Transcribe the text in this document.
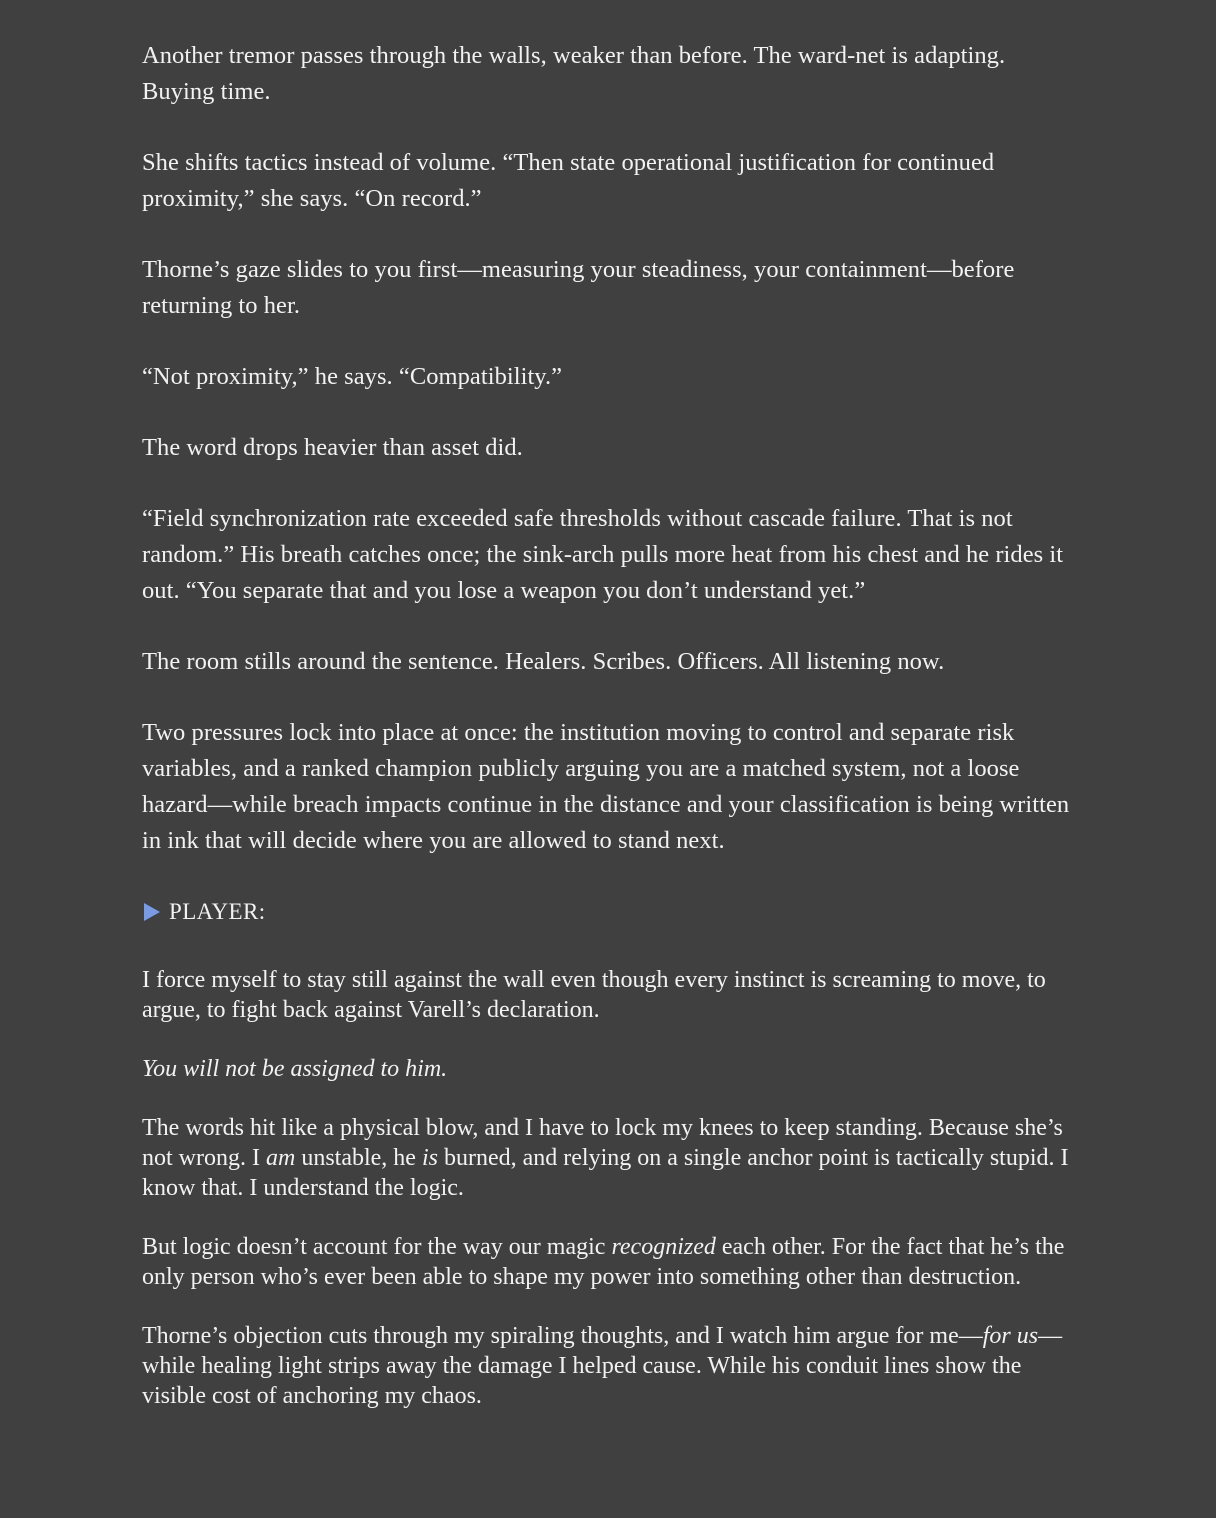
Another tremor passes through the walls, weaker than before. The ward-net is adapting. Buying time.

She shifts tactics instead of volume. “Then state operational justification for continued proximity,” she says. “On record.”

Thorne’s gaze slides to you first—measuring your steadiness, your containment—before returning to her.

“Not proximity,” he says. “Compatibility.”

The word drops heavier than asset did.

“Field synchronization rate exceeded safe thresholds without cascade failure. That is not random.” His breath catches once; the sink-arch pulls more heat from his chest and he rides it out. “You separate that and you lose a weapon you don’t understand yet.”

The room stills around the sentence. Healers. Scribes. Officers. All listening now.

Two pressures lock into place at once: the institution moving to control and separate risk variables, and a ranked champion publicly arguing you are a matched system, not a loose hazard—while breach impacts continue in the distance and your classification is being written in ink that will decide where you are allowed to stand next.

PLAYER:

I force myself to stay still against the wall even though every instinct is screaming to move, to argue, to fight back against Varell’s declaration.

You will not be assigned to him.

The words hit like a physical blow, and I have to lock my knees to keep standing. Because she’s not wrong. I am unstable, he is burned, and relying on a single anchor point is tactically stupid. I know that. I understand the logic.

But logic doesn’t account for the way our magic recognized each other. For the fact that he’s the only person who’s ever been able to shape my power into something other than destruction.

Thorne’s objection cuts through my spiraling thoughts, and I watch him argue for me—for us—while healing light strips away the damage I helped cause. While his conduit lines show the visible cost of anchoring my chaos.
